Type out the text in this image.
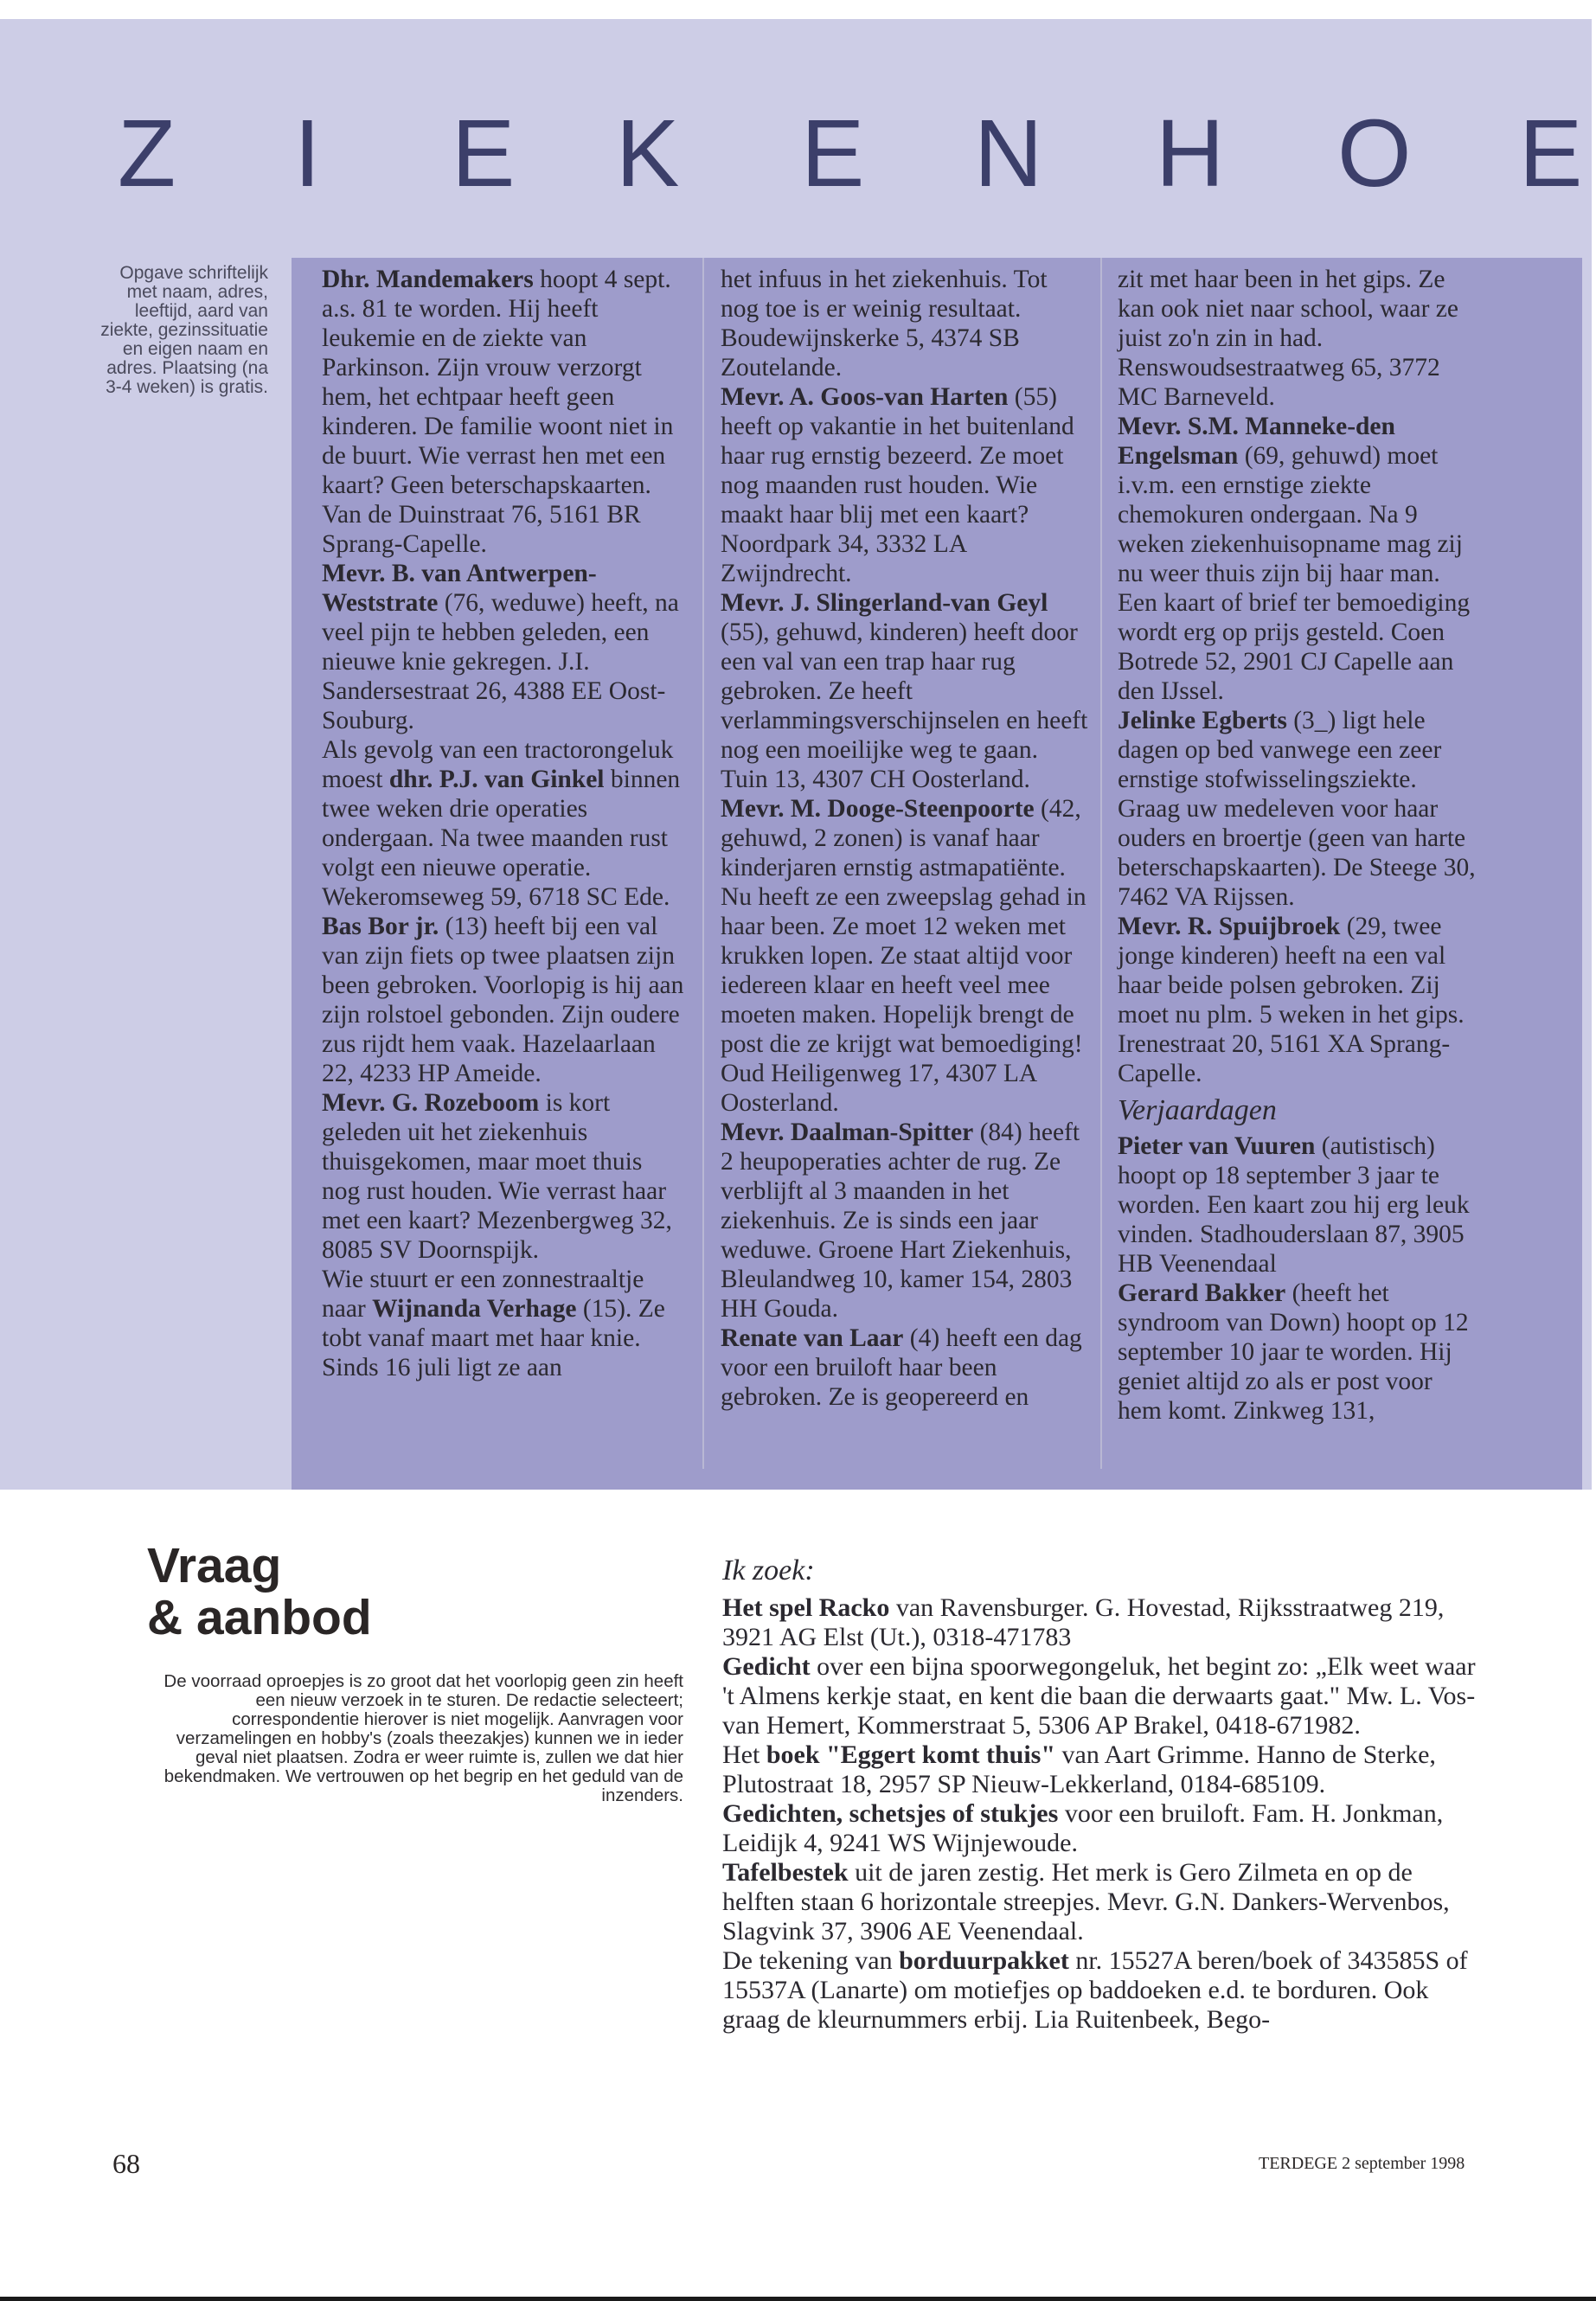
Z I E K E N H O E
Opgave schriftelijk met naam, adres, leeftijd, aard van ziekte, gezinssituatie en eigen naam en adres. Plaatsing (na 3-4 weken) is gratis.

Dhr. Mandemakers hoopt 4 sept. a.s. 81 te worden. Hij heeft leukemie en de ziekte van Parkinson. Zijn vrouw verzorgt hem, het echtpaar heeft geen kinderen. De familie woont niet in de buurt. Wie verrast hen met een kaart? Geen beterschapskaarten. Van de Duinstraat 76, 5161 BR Sprang-Capelle.

Mevr. B. van Antwerpen-Weststrate (76, weduwe) heeft, na veel pijn te hebben geleden, een nieuwe knie gekregen. J.I. Sandersestraat 26, 4388 EE Oost-Souburg.

Als gevolg van een tractorongeluk moest dhr. P.J. van Ginkel binnen twee weken drie operaties ondergaan. Na twee maanden rust volgt een nieuwe operatie. Wekeromseweg 59, 6718 SC Ede.

Bas Bor jr. (13) heeft bij een val van zijn fiets op twee plaatsen zijn been gebroken. Voorlopig is hij aan zijn rolstoel gebonden. Zijn oudere zus rijdt hem vaak. Hazelaarlaan 22, 4233 HP Ameide.

Mevr. G. Rozeboom is kort geleden uit het ziekenhuis thuisgekomen, maar moet thuis nog rust houden. Wie verrast haar met een kaart? Mezenbergweg 32, 8085 SV Doornspijk.

Wie stuurt er een zonnestraaltje naar Wijnanda Verhage (15). Ze tobt vanaf maart met haar knie. Sinds 16 juli ligt ze aan

het infuus in het ziekenhuis. Tot nog toe is er weinig resultaat. Boudewijnskerke 5, 4374 SB Zoutelande.

Mevr. A. Goos-van Harten (55) heeft op vakantie in het buitenland haar rug ernstig bezeerd. Ze moet nog maanden rust houden. Wie maakt haar blij met een kaart? Noordpark 34, 3332 LA Zwijndrecht.

Mevr. J. Slingerland-van Geyl (55), gehuwd, kinderen) heeft door een val van een trap haar rug gebroken. Ze heeft verlammingsverschijnselen en heeft nog een moeilijke weg te gaan. Tuin 13, 4307 CH Oosterland.

Mevr. M. Dooge-Steenpoorte (42, gehuwd, 2 zonen) is vanaf haar kinderjaren ernstig astmapatiënte. Nu heeft ze een zweepslag gehad in haar been. Ze moet 12 weken met krukken lopen. Ze staat altijd voor iedereen klaar en heeft veel mee moeten maken. Hopelijk brengt de post die ze krijgt wat bemoediging! Oud Heiligenweg 17, 4307 LA Oosterland.

Mevr. Daalman-Spitter (84) heeft 2 heupoperaties achter de rug. Ze verblijft al 3 maanden in het ziekenhuis. Ze is sinds een jaar weduwe. Groene Hart Ziekenhuis, Bleulandweg 10, kamer 154, 2803 HH Gouda.

Renate van Laar (4) heeft een dag voor een bruiloft haar been gebroken. Ze is geopereerd en

zit met haar been in het gips. Ze kan ook niet naar school, waar ze juist zo'n zin in had. Renswoudsestraatweg 65, 3772 MC Barneveld.

Mevr. S.M. Manneke-den Engelsman (69, gehuwd) moet i.v.m. een ernstige ziekte chemokuren ondergaan. Na 9 weken ziekenhuisopname mag zij nu weer thuis zijn bij haar man. Een kaart of brief ter bemoediging wordt erg op prijs gesteld. Coen Botrede 52, 2901 CJ Capelle aan den IJssel.

Jelinke Egberts (3_) ligt hele dagen op bed vanwege een zeer ernstige stofwisselingsziekte. Graag uw medeleven voor haar ouders en broertje (geen van harte beterschapskaarten). De Steege 30, 7462 VA Rijssen.

Mevr. R. Spuijbroek (29, twee jonge kinderen) heeft na een val haar beide polsen gebroken. Zij moet nu plm. 5 weken in het gips. Irenestraat 20, 5161 XA Sprang-Capelle.

Verjaardagen

Pieter van Vuuren (autistisch) hoopt op 18 september 3 jaar te worden. Een kaart zou hij erg leuk vinden. Stadhouderslaan 87, 3905 HB Veenendaal

Gerard Bakker (heeft het syndroom van Down) hoopt op 12 september 10 jaar te worden. Hij geniet altijd zo als er post voor hem komt. Zinkweg 131,

Vraag
& aanbod
De voorraad oproepjes is zo groot dat het voorlopig geen zin heeft een nieuw verzoek in te sturen. De redactie selecteert; correspondentie hierover is niet mogelijk. Aanvragen voor verzamelingen en hobby's (zoals theezakjes) kunnen we in ieder geval niet plaatsen. Zodra er weer ruimte is, zullen we dat hier bekendmaken. We vertrouwen op het begrip en het geduld van de inzenders.

Ik zoek:

Het spel Racko van Ravensburger. G. Hovestad, Rijksstraatweg 219, 3921 AG Elst (Ut.), 0318-471783

Gedicht over een bijna spoorwegongeluk, het begint zo: „Elk weet waar 't Almens kerkje staat, en kent die baan die derwaarts gaat." Mw. L. Vos-van Hemert, Kommerstraat 5, 5306 AP Brakel, 0418-671982.

Het boek "Eggert komt thuis" van Aart Grimme. Hanno de Sterke, Plutostraat 18, 2957 SP Nieuw-Lekkerland, 0184-685109.

Gedichten, schetsjes of stukjes voor een bruiloft. Fam. H. Jonkman, Leidijk 4, 9241 WS Wijnjewoude.

Tafelbestek uit de jaren zestig. Het merk is Gero Zilmeta en op de helften staan 6 horizontale streepjes. Mevr. G.N. Dankers-Wervenbos, Slagvink 37, 3906 AE Veenendaal.

De tekening van borduurpakket nr. 15527A beren/boek of 343585S of 15537A (Lanarte) om motiefjes op baddoeken e.d. te borduren. Ook graag de kleurnummers erbij. Lia Ruitenbeek, Bego-

68	TERDEGE 2 september 1998
